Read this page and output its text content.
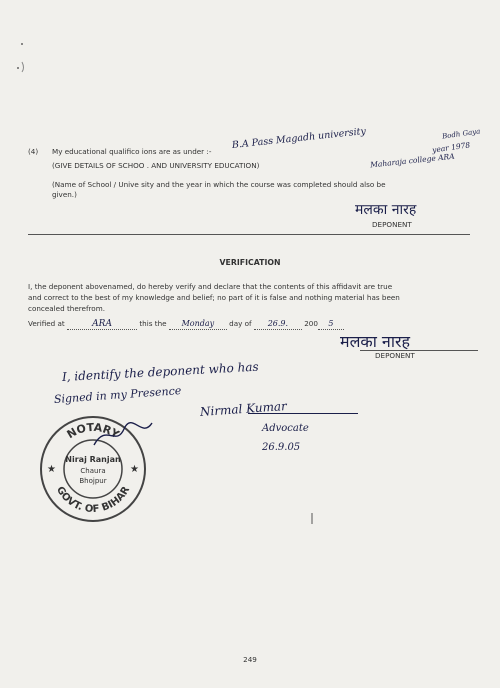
(4) My educational qualifico ions are as under :-
B.A Pass Magadh university	Bodh Gaya
year 1978
Maharaja college ARA
(GIVE DETAILS OF SCHOO . AND UNIVERSITY EDUCATION)
(Name of School / Unive sity and the year in which the course was completed should also be
given.)
मलका नारह
DEPONENT
VERIFICATION
I, the deponent abovenamed, do hereby verify and declare that the contents of this affidavit are true
and correct to the best of my knowledge and belief; no part of it is false and nothing material has been
concealed therefrom.
Verified at	ARA	this the Monday day of 26.9. 200 5
मलका नारह
DEPONENT
I, identify the deponent who has
Signed in my Presence
Nirmal Kumar
Advocate
26.9.05
NOTARY
GOVT. OF BIHAR
★	★
Niraj Ranjan
Chaura
Bhojpur
249
